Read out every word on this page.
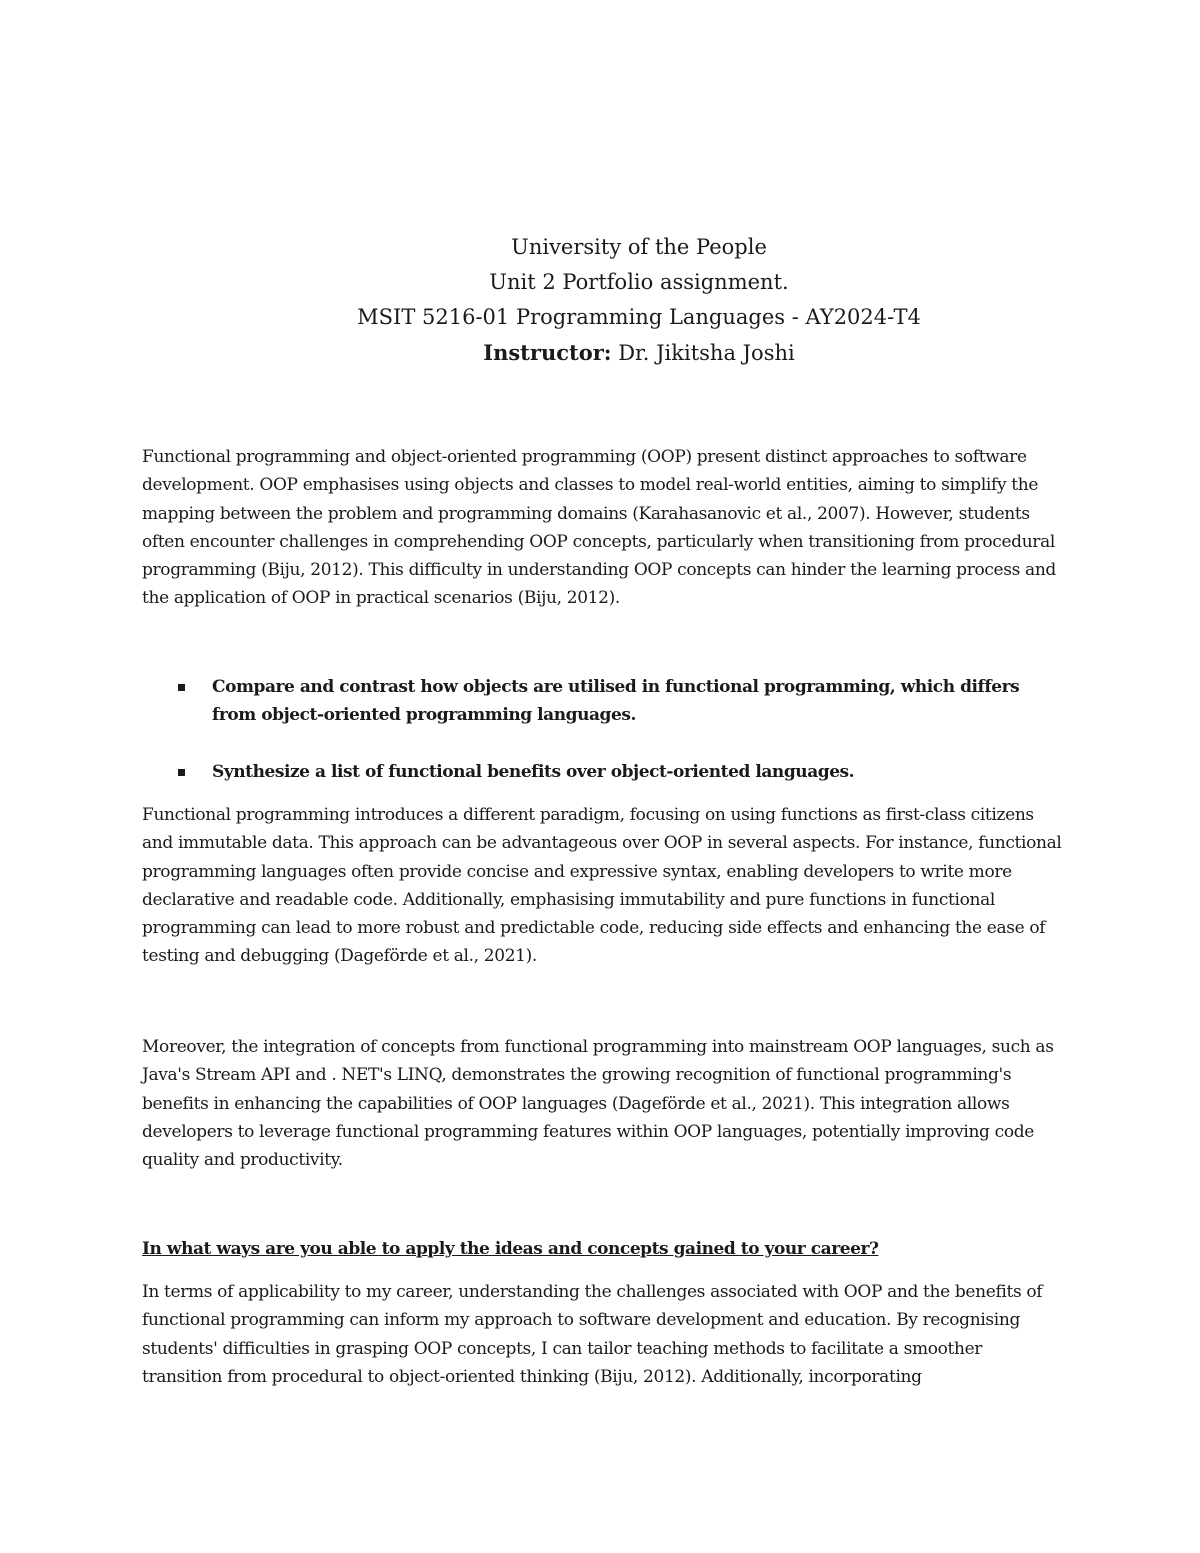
University of the People
Unit 2 Portfolio assignment.
MSIT 5216-01 Programming Languages - AY2024-T4
Instructor: Dr. Jikitsha Joshi

Functional programming and object-oriented programming (OOP) present distinct approaches to software development. OOP emphasises using objects and classes to model real-world entities, aiming to simplify the mapping between the problem and programming domains (Karahasanovic et al., 2007). However, students often encounter challenges in comprehending OOP concepts, particularly when transitioning from procedural programming (Biju, 2012). This difficulty in understanding OOP concepts can hinder the learning process and the application of OOP in practical scenarios (Biju, 2012).

Compare and contrast how objects are utilised in functional programming, which differs from object-oriented programming languages.
Synthesize a list of functional benefits over object-oriented languages.

Functional programming introduces a different paradigm, focusing on using functions as first-class citizens and immutable data. This approach can be advantageous over OOP in several aspects. For instance, functional programming languages often provide concise and expressive syntax, enabling developers to write more declarative and readable code. Additionally, emphasising immutability and pure functions in functional programming can lead to more robust and predictable code, reducing side effects and enhancing the ease of testing and debugging (Dageförde et al., 2021).

Moreover, the integration of concepts from functional programming into mainstream OOP languages, such as Java's Stream API and . NET's LINQ, demonstrates the growing recognition of functional programming's benefits in enhancing the capabilities of OOP languages (Dageförde et al., 2021). This integration allows developers to leverage functional programming features within OOP languages, potentially improving code quality and productivity.

In what ways are you able to apply the ideas and concepts gained to your career?

In terms of applicability to my career, understanding the challenges associated with OOP and the benefits of functional programming can inform my approach to software development and education. By recognising students' difficulties in grasping OOP concepts, I can tailor teaching methods to facilitate a smoother transition from procedural to object-oriented thinking (Biju, 2012). Additionally, incorporating
